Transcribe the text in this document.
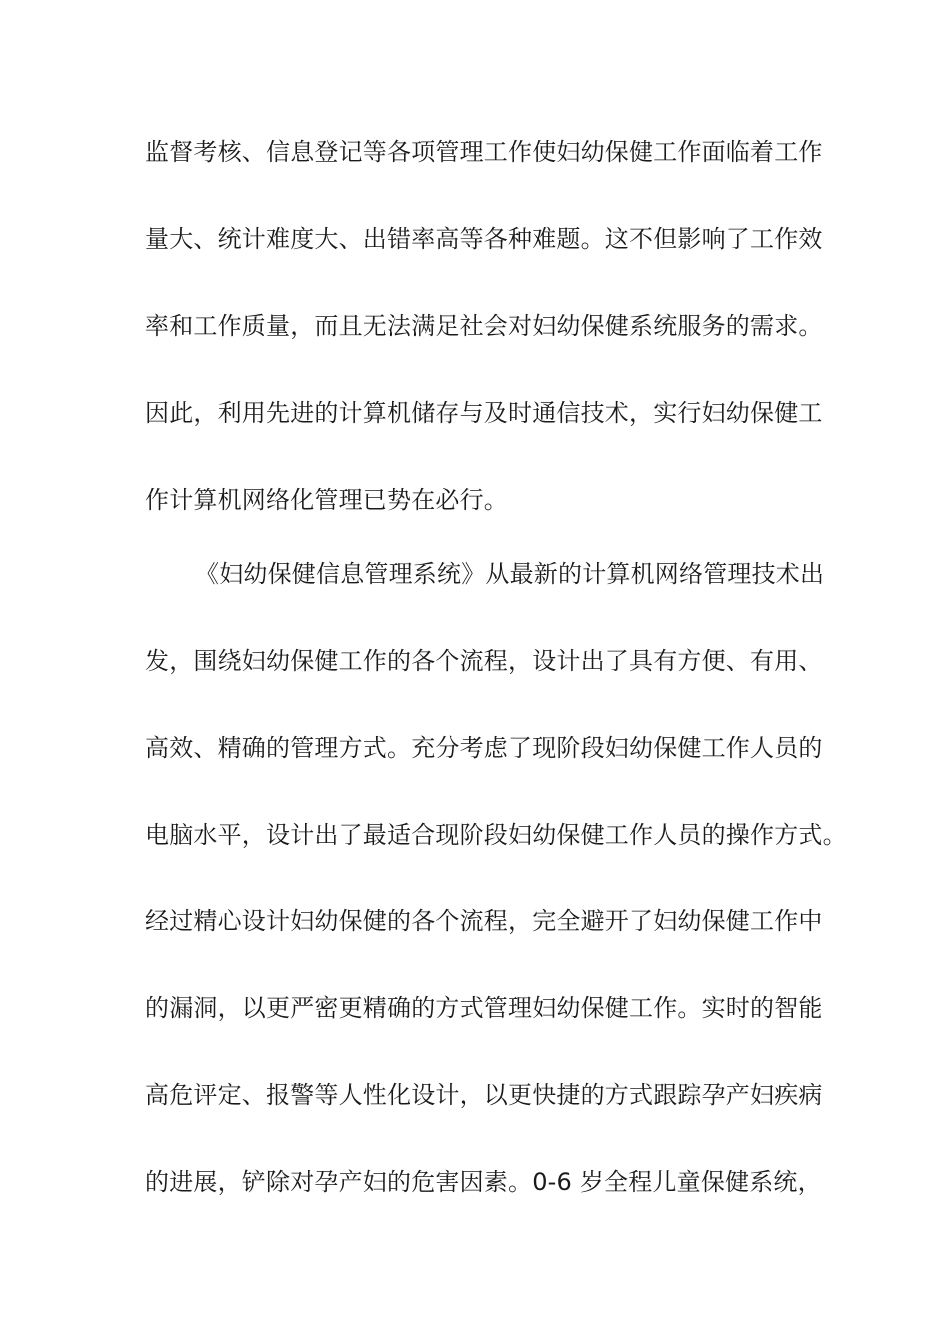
监督考核、信息登记等各项管理工作使妇幼保健工作面临着工作
量大、统计难度大、出错率高等各种难题。这不但影响了工作效
率和工作质量，而且无法满足社会对妇幼保健系统服务的需求。
因此，利用先进的计算机储存与及时通信技术，实行妇幼保健工
作计算机网络化管理已势在必行。
《妇幼保健信息管理系统》从最新的计算机网络管理技术出
发，围绕妇幼保健工作的各个流程，设计出了具有方便、有用、
高效、精确的管理方式。充分考虑了现阶段妇幼保健工作人员的
电脑水平，设计出了最适合现阶段妇幼保健工作人员的操作方式。
经过精心设计妇幼保健的各个流程，完全避开了妇幼保健工作中
的漏洞，以更严密更精确的方式管理妇幼保健工作。实时的智能
高危评定、报警等人性化设计，以更快捷的方式跟踪孕产妇疾病
的进展，铲除对孕产妇的危害因素。0-6 岁全程儿童保健系统，
